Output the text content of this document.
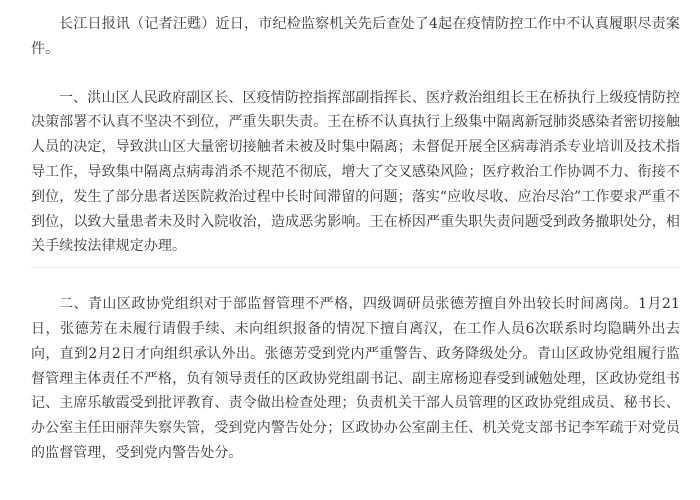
长江日报讯（记者汪甦）近日，市纪检监察机关先后查处了4起在疫情防控工作中不认真履职尽责案件。

一、洪山区人民政府副区长、区疫情防控指挥部副指挥长、医疗救治组组长王在桥执行上级疫情防控决策部署不认真不坚决不到位，严重失职失责。王在桥不认真执行上级集中隔离新冠肺炎感染者密切接触人员的决定，导致洪山区大量密切接触者未被及时集中隔离；未督促开展全区病毒消杀专业培训及技术指导工作，导致集中隔离点病毒消杀不规范不彻底，增大了交叉感染风险；医疗救治工作协调不力、衔接不到位，发生了部分患者送医院救治过程中长时间滞留的问题；落实“应收尽收、应治尽治”工作要求严重不到位，以致大量患者未及时入院收治，造成恶劣影响。王在桥因严重失职失责问题受到政务撤职处分，相关手续按法律规定办理。

二、青山区政协党组织对于部监督管理不严格，四级调研员张德芳擅自外出较长时间离岗。1月21日，张德芳在未履行请假手续、未向组织报备的情况下擅自离汉，在工作人员6次联系时均隐瞒外出去向，直到2月2日才向组织承认外出。张德芳受到党内严重警告、政务降级处分。青山区政协党组履行监督管理主体责任不严格，负有领导责任的区政协党组副书记、副主席杨迎春受到诫勉处理，区政协党组书记、主席乐敏霞受到批评教育、责令做出检查处理；负责机关干部人员管理的区政协党组成员、秘书长、办公室主任田丽萍失察失管，受到党内警告处分；区政协办公室副主任、机关党支部书记李军疏于对党员的监督管理，受到党内警告处分。
